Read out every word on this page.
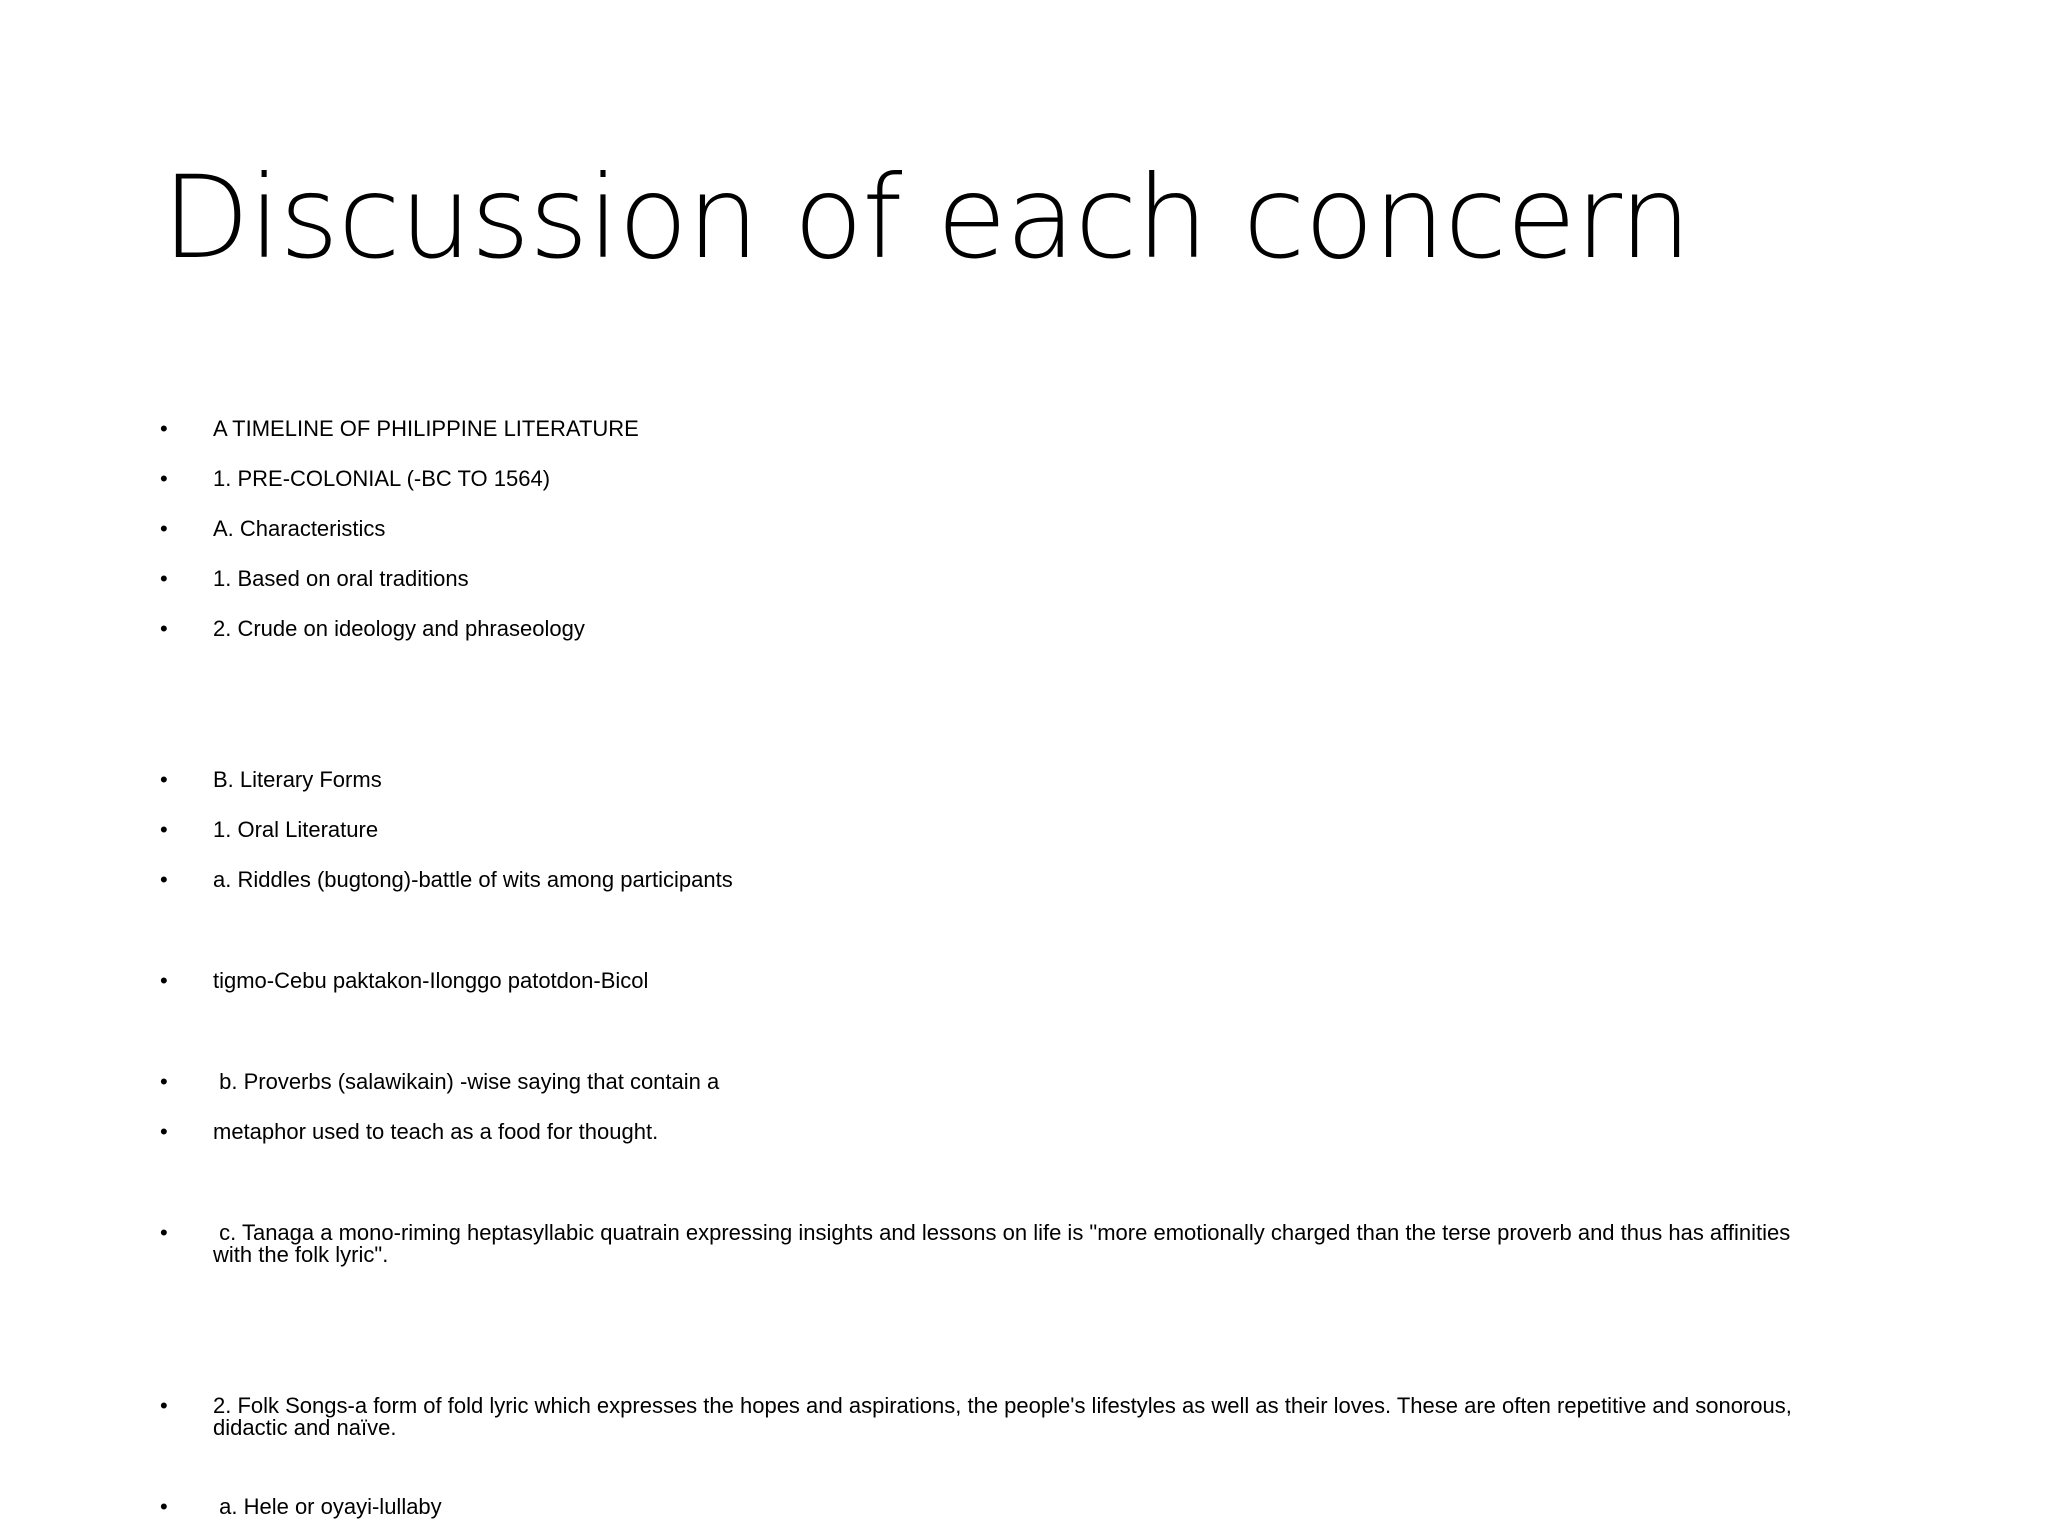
Discussion of each concern
•	A TIMELINE OF PHILIPPINE LITERATURE
•	1. PRE-COLONIAL (-BC TO 1564)
•	A. Characteristics
•	1. Based on oral traditions
•	2. Crude on ideology and phraseology
•	B. Literary Forms
•	1. Oral Literature
•	a. Riddles (bugtong)-battle of wits among participants
•	tigmo-Cebu paktakon-Ilonggo patotdon-Bicol
•	b. Proverbs (salawikain) -wise saying that contain a
•	metaphor used to teach as a food for thought.
•	c. Tanaga a mono-riming heptasyllabic quatrain expressing insights and lessons on life is "more emotionally charged than the terse proverb and thus has affinities with the folk lyric".
•	2. Folk Songs-a form of fold lyric which expresses the hopes and aspirations, the people's lifestyles as well as their loves. These are often repetitive and sonorous, didactic and naïve.
•	a. Hele or oyayi-lullaby
